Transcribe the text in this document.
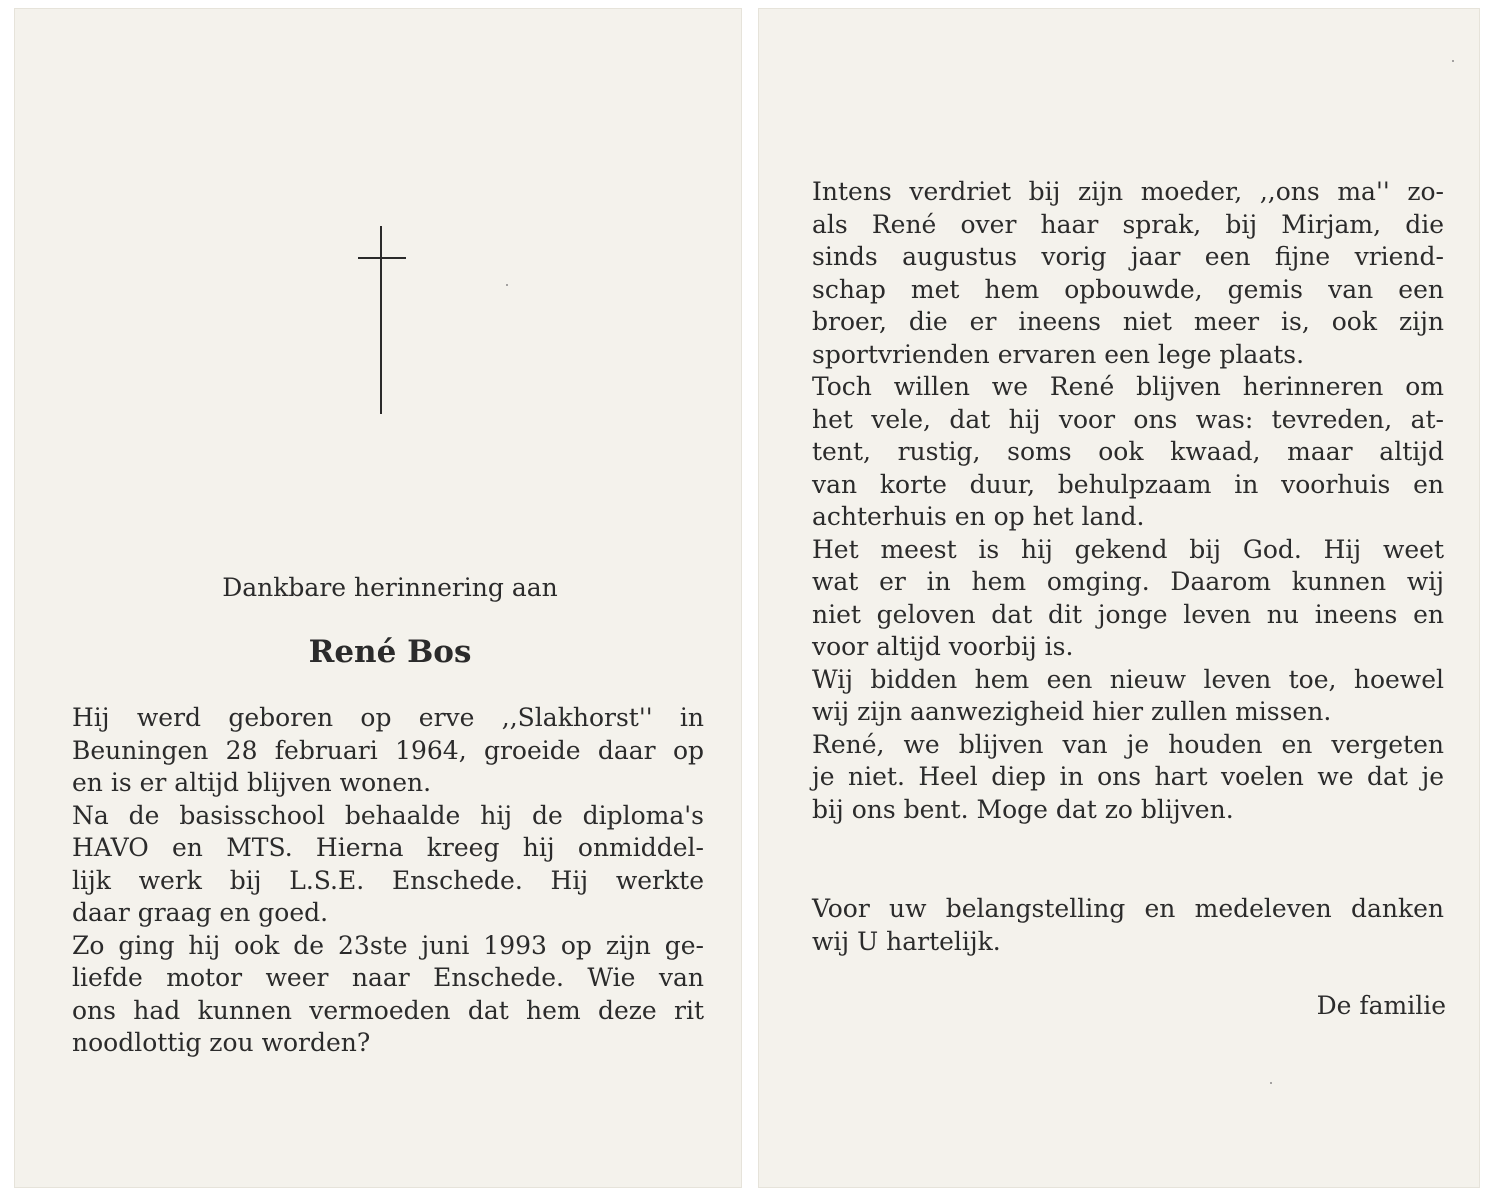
Dankbare herinnering aan
René Bos
Hij werd geboren op erve ,,Slakhorst'' in
Beuningen 28 februari 1964, groeide daar op
en is er altijd blijven wonen.
Na de basisschool behaalde hij de diploma's
HAVO en MTS. Hierna kreeg hij onmiddel-
lijk werk bij L.S.E. Enschede. Hij werkte
daar graag en goed.
Zo ging hij ook de 23ste juni 1993 op zijn ge-
liefde motor weer naar Enschede. Wie van
ons had kunnen vermoeden dat hem deze rit
noodlottig zou worden?
Intens verdriet bij zijn moeder, ,,ons ma'' zo-
als René over haar sprak, bij Mirjam, die
sinds augustus vorig jaar een fijne vriend-
schap met hem opbouwde, gemis van een
broer, die er ineens niet meer is, ook zijn
sportvrienden ervaren een lege plaats.
Toch willen we René blijven herinneren om
het vele, dat hij voor ons was: tevreden, at-
tent, rustig, soms ook kwaad, maar altijd
van korte duur, behulpzaam in voorhuis en
achterhuis en op het land.
Het meest is hij gekend bij God. Hij weet
wat er in hem omging. Daarom kunnen wij
niet geloven dat dit jonge leven nu ineens en
voor altijd voorbij is.
Wij bidden hem een nieuw leven toe, hoewel
wij zijn aanwezigheid hier zullen missen.
René, we blijven van je houden en vergeten
je niet. Heel diep in ons hart voelen we dat je
bij ons bent. Moge dat zo blijven.
Voor uw belangstelling en medeleven danken
wij U hartelijk.
De familie
